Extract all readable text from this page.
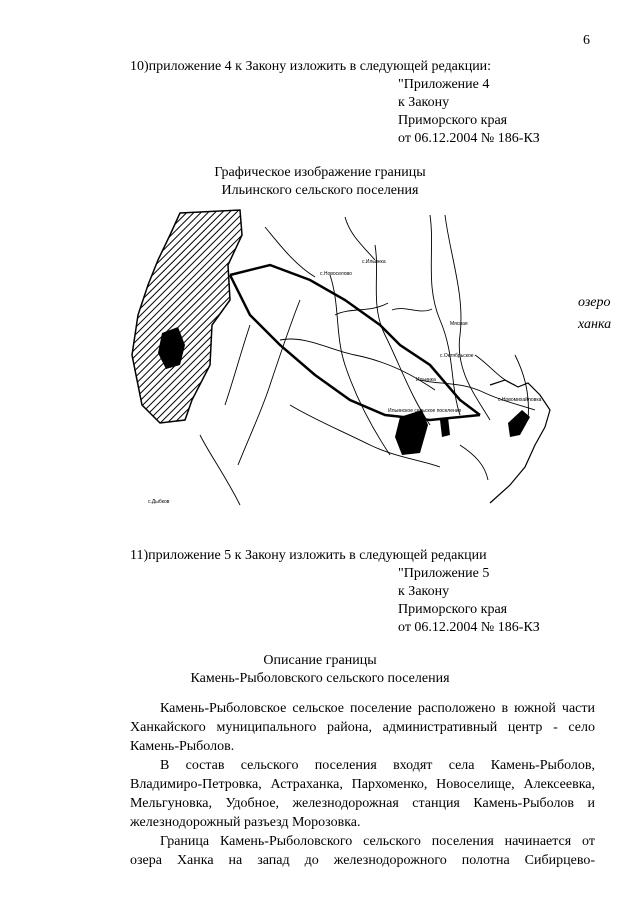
6
10)приложение 4 к Закону изложить в следующей редакции:
"Приложение 4
к Закону
Приморского края
от 06.12.2004 № 186-КЗ
Графическое изображение границы
Ильинского сельского поселения
с.Новоселово
с.Ильинка
Мясная
с.Октябрьское
Ильинка
Ильинское сельское поселение
с.Новомихайловка
с.Дыбков
озеро
ханка
11)приложение 5 к Закону изложить в следующей редакции
"Приложение 5
к Закону
Приморского края
от 06.12.2004 № 186-КЗ
Описание границы
Камень-Рыболовского сельского поселения
Камень-Рыболовское сельское поселение расположено в южной части
Ханкайского муниципального района, административный центр - село
Камень-Рыболов.
В состав сельского поселения входят села Камень-Рыболов,
Владимиро-Петровка, Астраханка, Пархоменко, Новоселище, Алексеевка,
Мельгуновка, Удобное, железнодорожная станция Камень-Рыболов и
железнодорожный разъезд Морозовка.
Граница Камень-Рыболовского сельского поселения начинается от
озера Ханка на запад до железнодорожного полотна Сибирцево-
